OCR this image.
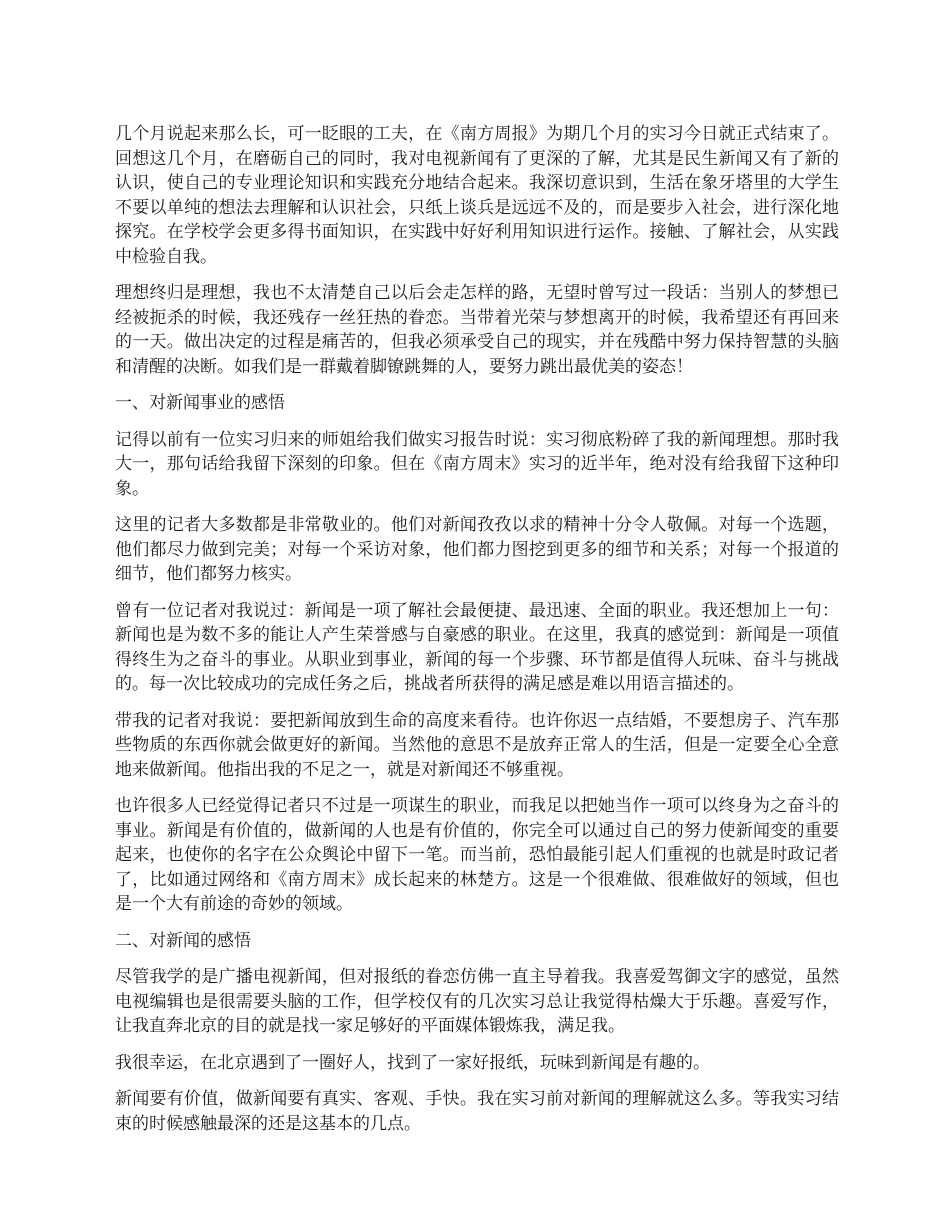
几个月说起来那么长，可一眨眼的工夫，在《南方周报》为期几个月的实习今日就正式结束了。回想这几个月，在磨砺自己的同时，我对电视新闻有了更深的了解，尤其是民生新闻又有了新的认识，使自己的专业理论知识和实践充分地结合起来。我深切意识到，生活在象牙塔里的大学生不要以单纯的想法去理解和认识社会，只纸上谈兵是远远不及的，而是要步入社会，进行深化地探究。在学校学会更多得书面知识，在实践中好好利用知识进行运作。接触、了解社会，从实践中检验自我。

理想终归是理想，我也不太清楚自己以后会走怎样的路，无望时曾写过一段话：当别人的梦想已经被扼杀的时候，我还残存一丝狂热的眷恋。当带着光荣与梦想离开的时候，我希望还有再回来的一天。做出决定的过程是痛苦的，但我必须承受自己的现实，并在残酷中努力保持智慧的头脑和清醒的决断。如我们是一群戴着脚镣跳舞的人，要努力跳出最优美的姿态！

一、对新闻事业的感悟

记得以前有一位实习归来的师姐给我们做实习报告时说：实习彻底粉碎了我的新闻理想。那时我大一，那句话给我留下深刻的印象。但在《南方周末》实习的近半年，绝对没有给我留下这种印象。

这里的记者大多数都是非常敬业的。他们对新闻孜孜以求的精神十分令人敬佩。对每一个选题，他们都尽力做到完美；对每一个采访对象，他们都力图挖到更多的细节和关系；对每一个报道的细节，他们都努力核实。

曾有一位记者对我说过：新闻是一项了解社会最便捷、最迅速、全面的职业。我还想加上一句：新闻也是为数不多的能让人产生荣誉感与自豪感的职业。在这里，我真的感觉到：新闻是一项值得终生为之奋斗的事业。从职业到事业，新闻的每一个步骤、环节都是值得人玩味、奋斗与挑战的。每一次比较成功的完成任务之后，挑战者所获得的满足感是难以用语言描述的。

带我的记者对我说：要把新闻放到生命的高度来看待。也许你迟一点结婚，不要想房子、汽车那些物质的东西你就会做更好的新闻。当然他的意思不是放弃正常人的生活，但是一定要全心全意地来做新闻。他指出我的不足之一，就是对新闻还不够重视。

也许很多人已经觉得记者只不过是一项谋生的职业，而我足以把她当作一项可以终身为之奋斗的事业。新闻是有价值的，做新闻的人也是有价值的，你完全可以通过自己的努力使新闻变的重要起来，也使你的名字在公众舆论中留下一笔。而当前，恐怕最能引起人们重视的也就是时政记者了，比如通过网络和《南方周末》成长起来的林楚方。这是一个很难做、很难做好的领域，但也是一个大有前途的奇妙的领域。

二、对新闻的感悟

尽管我学的是广播电视新闻，但对报纸的眷恋仿佛一直主导着我。我喜爱驾御文字的感觉，虽然电视编辑也是很需要头脑的工作，但学校仅有的几次实习总让我觉得枯燥大于乐趣。喜爱写作，让我直奔北京的目的就是找一家足够好的平面媒体锻炼我，满足我。

我很幸运，在北京遇到了一圈好人，找到了一家好报纸，玩味到新闻是有趣的。

新闻要有价值，做新闻要有真实、客观、手快。我在实习前对新闻的理解就这么多。等我实习结束的时候感触最深的还是这基本的几点。
